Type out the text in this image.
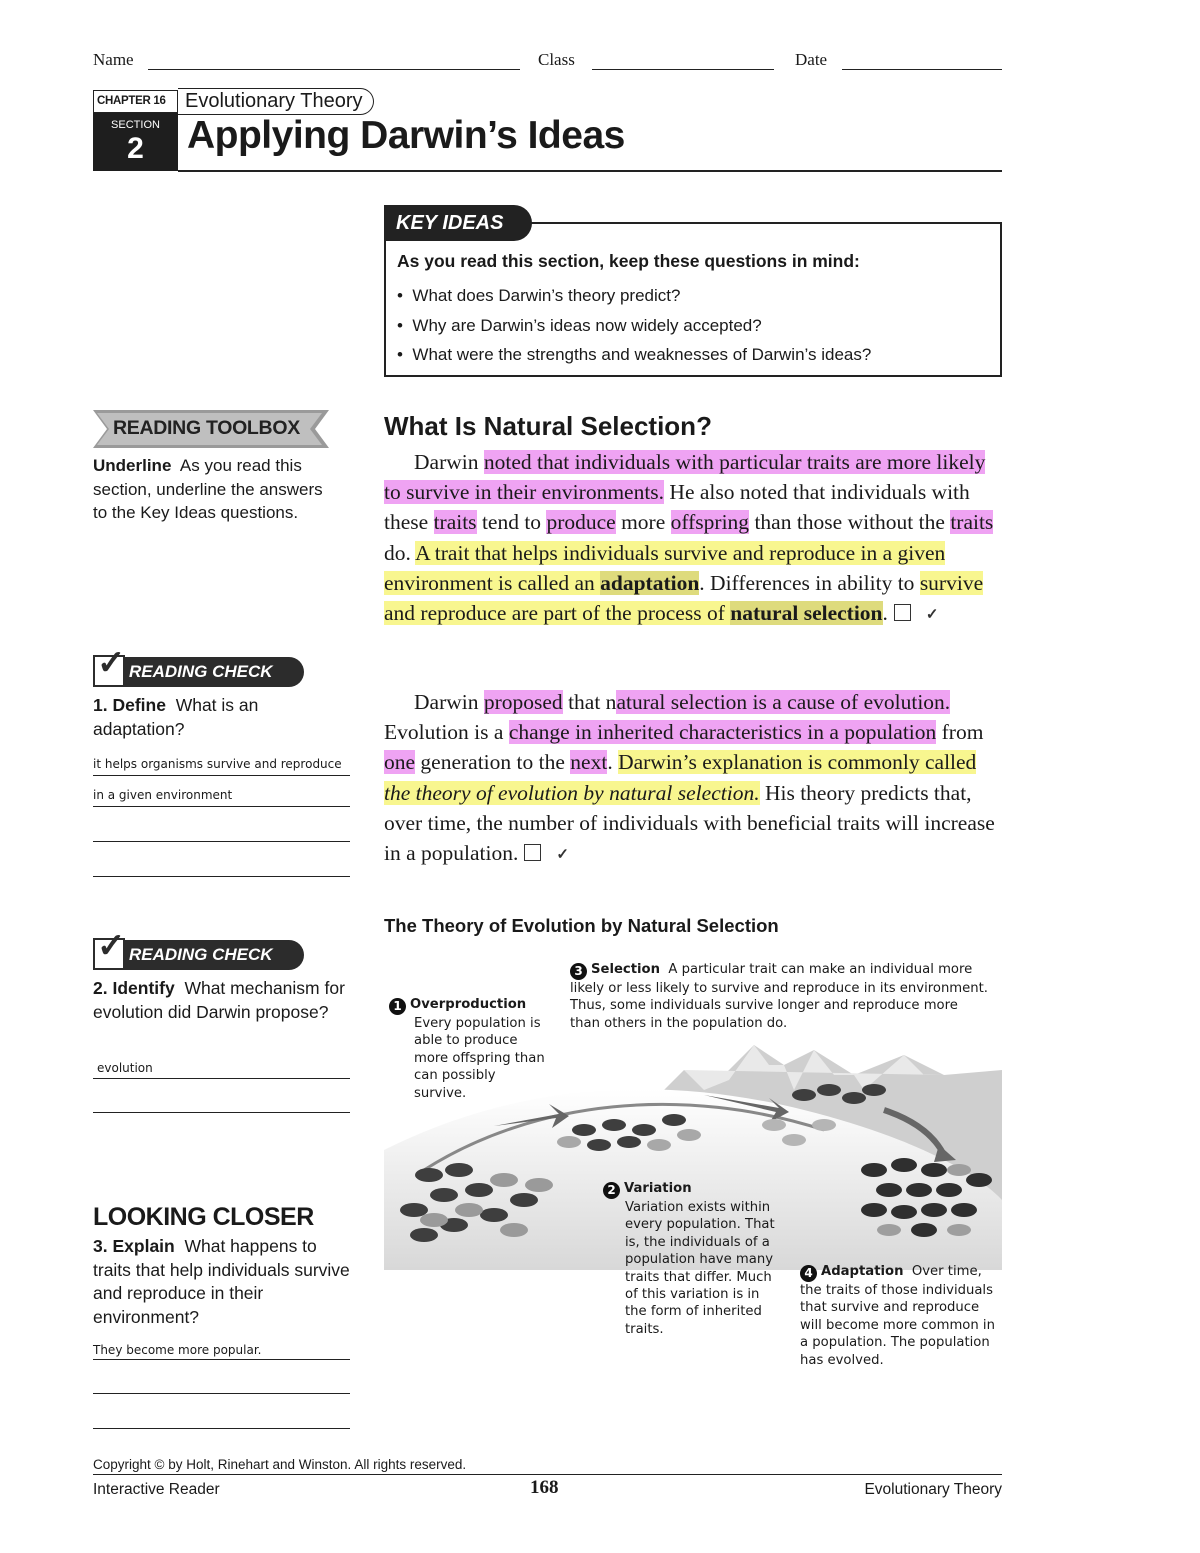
Name	Class	Date
CHAPTER 16 Evolutionary Theory
SECTION
2	Applying Darwin’s Ideas
KEY IDEAS
As you read this section, keep these questions in mind:
•  What does Darwin’s theory predict?
•  Why are Darwin’s ideas now widely accepted?
•  What were the strengths and weaknesses of Darwin’s ideas?
READING TOOLBOX
Underline As you read this section, underline the answers to the Key Ideas questions.
READING CHECK
✓
1. Define What is an adaptation?
it helps organisms survive and reproduce
in a given environment
READING CHECK
✓
2. Identify What mechanism for evolution did Darwin propose?
evolution
LOOKING CLOSER
3. Explain What happens to traits that help individuals survive and reproduce in their environment?
They become more popular.
What Is Natural Selection?
Darwin noted that individuals with particular traits are more likely to survive in their environments. He also noted that individuals with these traits tend to produce more offspring than those without the traits do. A trait that helps individuals survive and reproduce in a given environment is called an adaptation. Differences in ability to survive and reproduce are part of the process of natural selection.✓
Darwin proposed that natural selection is a cause of evolution. Evolution is a change in inherited characteristics in a population from one generation to the next. Darwin’s explanation is commonly called the theory of evolution by natural selection. His theory predicts that, over time, the number of individuals with beneficial traits will increase in a population.✓
The Theory of Evolution by Natural Selection
1 Overproduction

Every population is able to produce more offspring than can possibly survive.
3 Selection A particular trait can make an individual more likely or less likely to survive and reproduce in its environment. Thus, some individuals survive longer and reproduce more than others in the population do.
2 Variation

Variation exists within every population. That is, the individuals of a population have many traits that differ. Much of this variation is in the form of inherited traits.
4 Adaptation Over time, the traits of those individuals that survive and reproduce will become more common in a population. The population has evolved.
Copyright © by Holt, Rinehart and Winston. All rights reserved.
Interactive Reader	168	Evolutionary Theory
